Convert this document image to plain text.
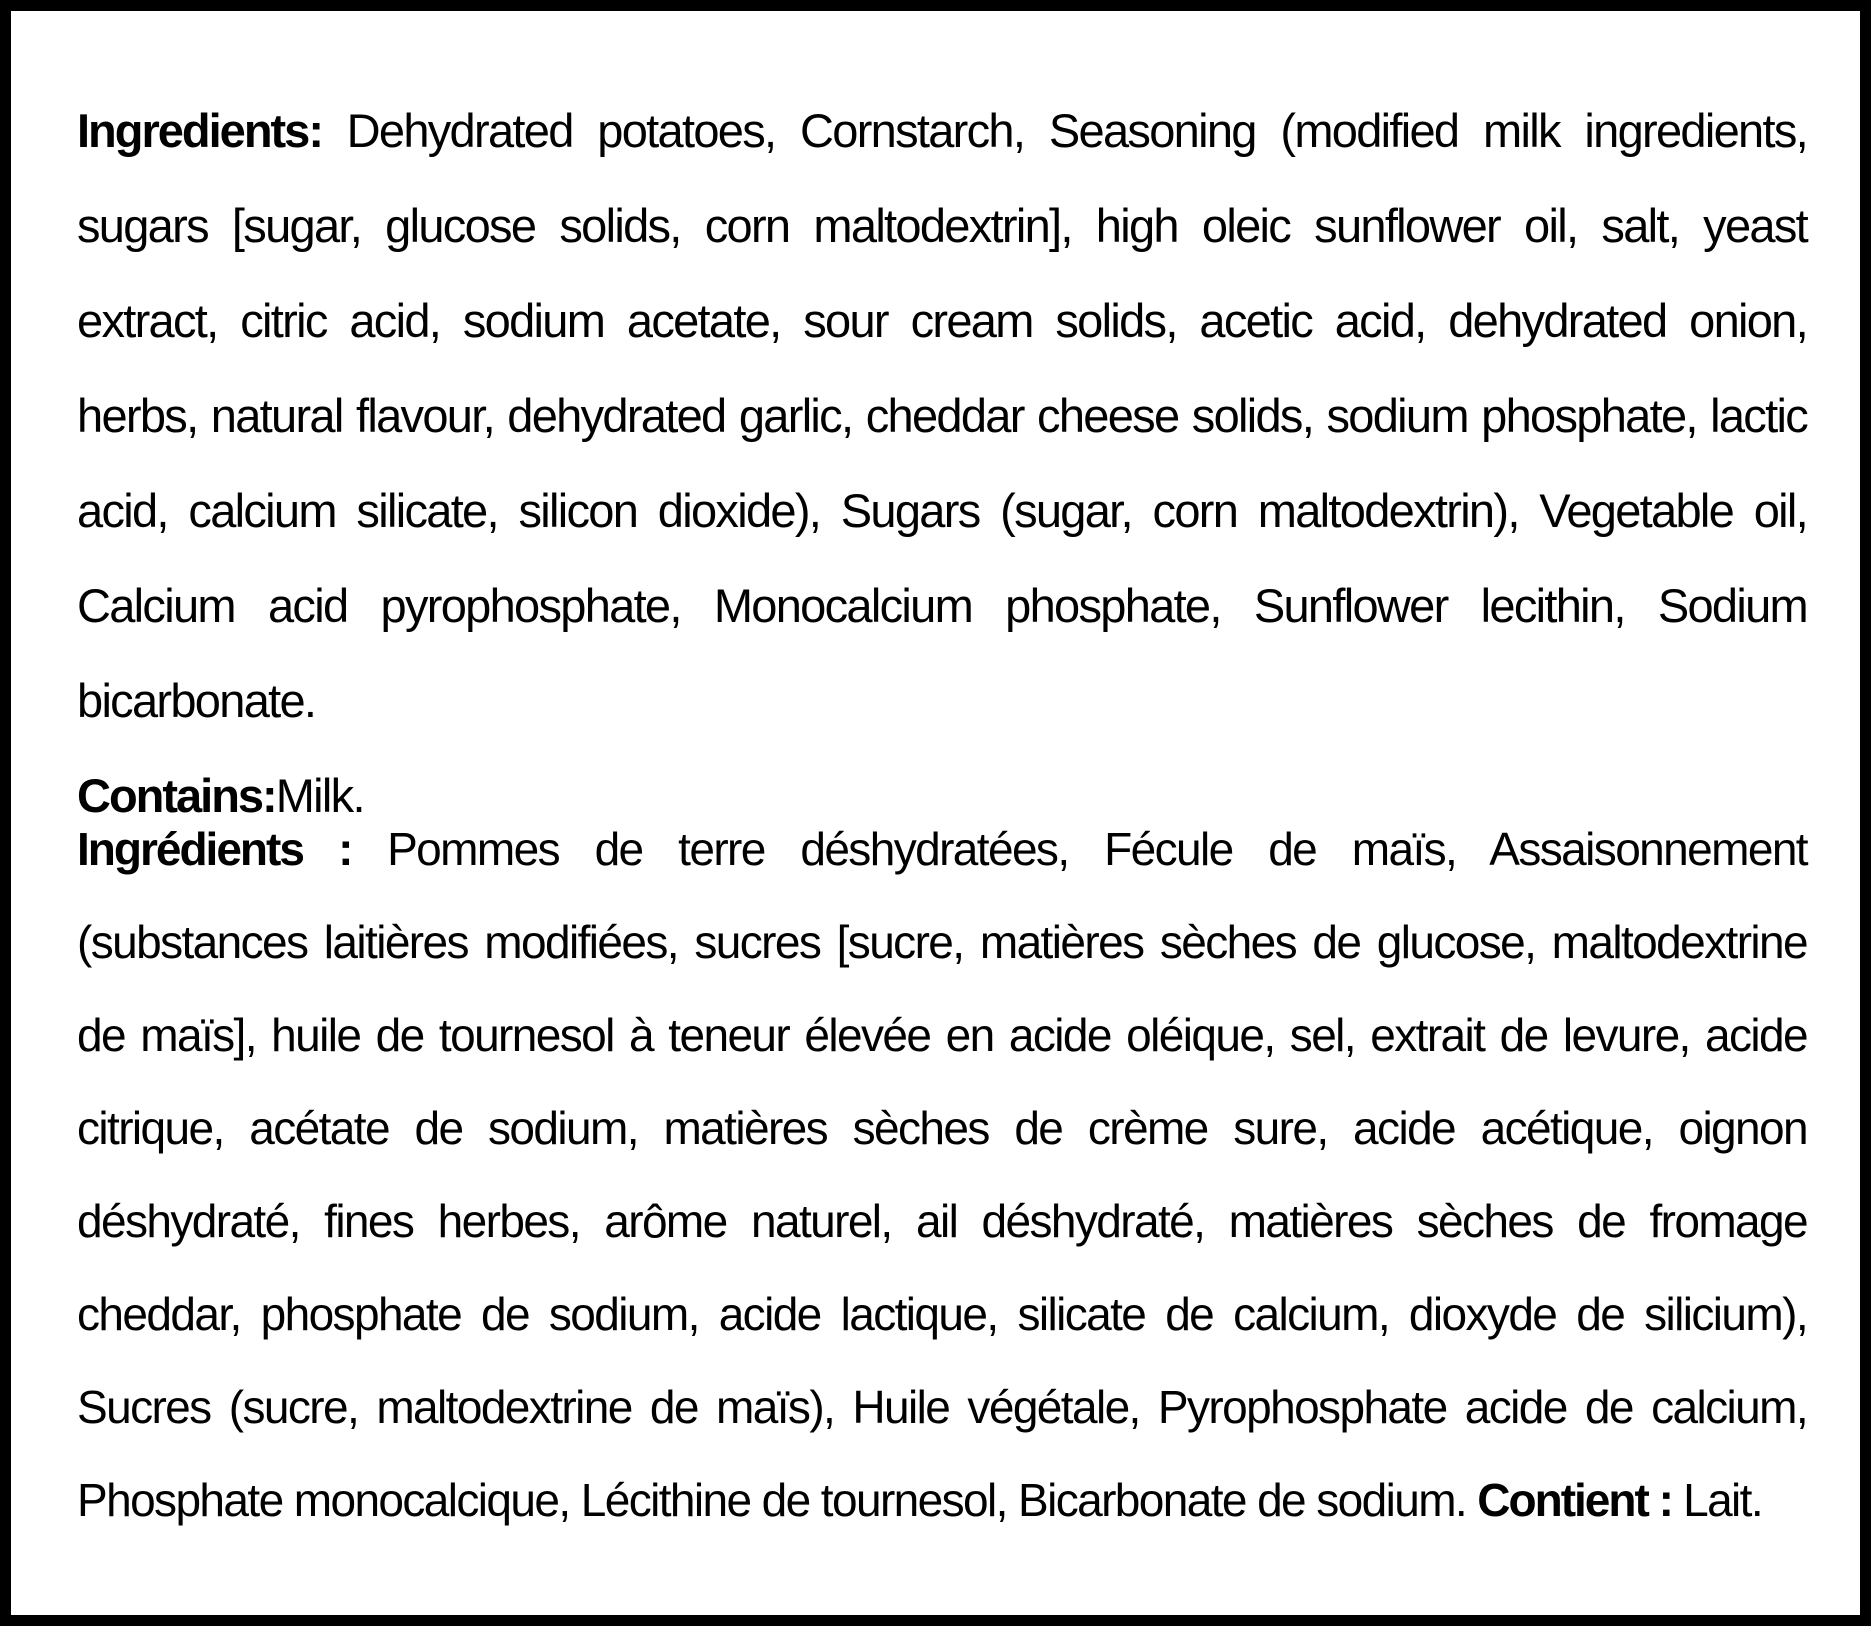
Ingredients: Dehydrated potatoes, Cornstarch, Seasoning (modified milk ingredients, sugars [sugar, glucose solids, corn maltodextrin], high oleic sunflower oil, salt, yeast extract, citric acid, sodium acetate, sour cream solids, acetic acid, dehydrated onion, herbs, natural flavour, dehydrated garlic, cheddar cheese solids, sodium phosphate, lactic acid, calcium silicate, silicon dioxide), Sugars (sugar, corn maltodextrin), Vegetable oil, Calcium acid pyrophosphate, Monocalcium phosphate, Sunflower lecithin, Sodium bicarbonate.

Contains:Milk.

Ingrédients : Pommes de terre déshydratées, Fécule de maïs, Assaisonnement (substances laitières modifiées, sucres [sucre, matières sèches de glucose, maltodextrine de maïs], huile de tournesol à teneur élevée en acide oléique, sel, extrait de levure, acide citrique, acétate de sodium, matières sèches de crème sure, acide acétique, oignon déshydraté, fines herbes, arôme naturel, ail déshydraté, matières sèches de fromage cheddar, phosphate de sodium, acide lactique, silicate de calcium, dioxyde de silicium), Sucres (sucre, maltodextrine de maïs), Huile végétale, Pyrophosphate acide de calcium, Phosphate monocalcique, Lécithine de tournesol, Bicarbonate de sodium. Contient : Lait.
